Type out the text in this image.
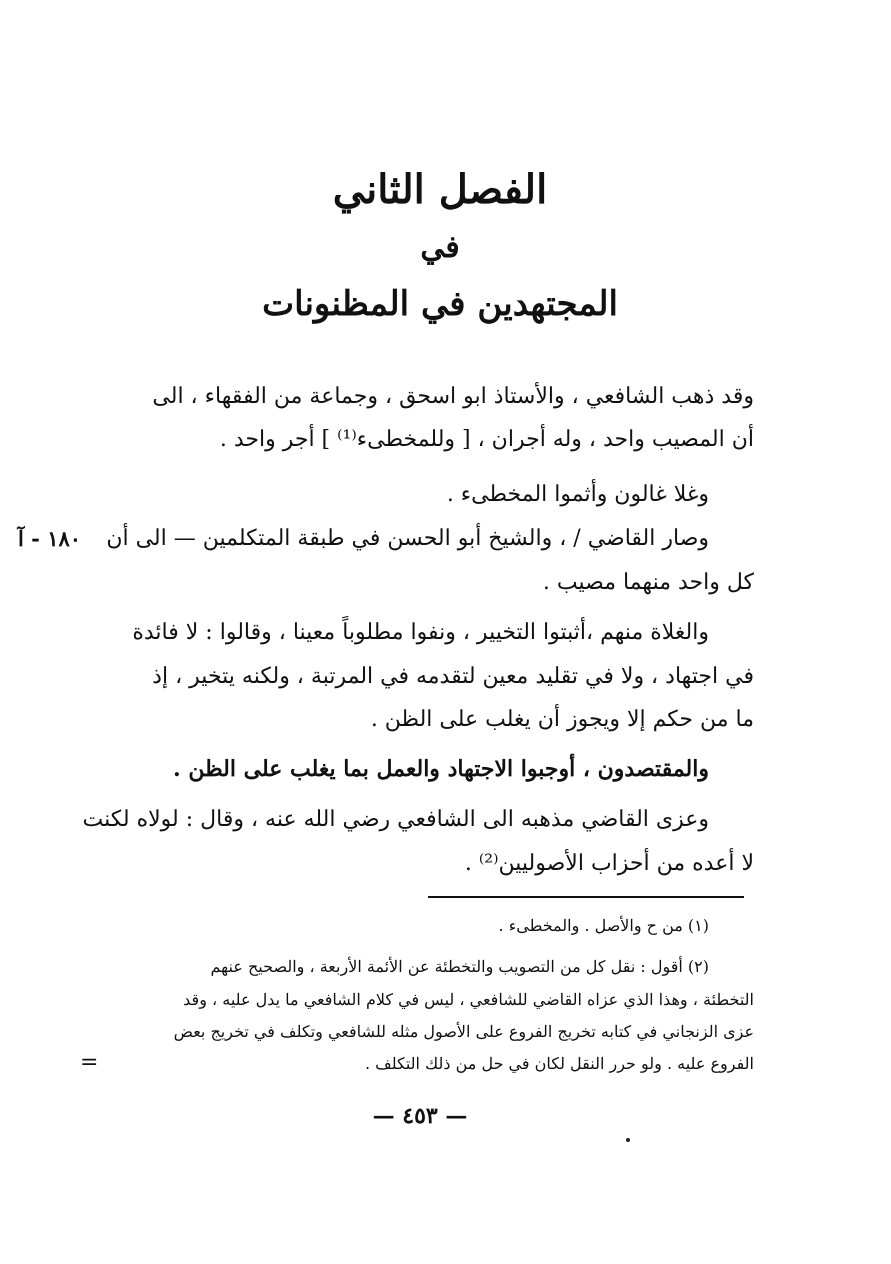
الفصل الثاني
في
المجتهدين في المظنونات
وقد ذهب الشافعي ، والأستاذ ابو اسحق ، وجماعة من الفقهاء ، الى
أن المصيب واحد ، وله أجران ، [ وللمخطىء⁽¹⁾ ] أجر واحد .
وغلا غالون وأثموا المخطىء .
وصار القاضي / ، والشيخ أبو الحسن في طبقة المتكلمين — الى أن
كل واحد منهما مصيب .
والغلاة منهم ،أثبتوا التخيير ، ونفوا مطلوباً معينا ، وقالوا : لا فائدة
في اجتهاد ، ولا في تقليد معين لتقدمه في المرتبة ، ولكنه يتخير ، إذ
ما من حكم إلا ويجوز أن يغلب على الظن .
والمقتصدون ، أوجبوا الاجتهاد والعمل بما يغلب على الظن .
وعزى القاضي مذهبه الى الشافعي رضي الله عنه ، وقال : لولاه لكنت
لا أعده من أحزاب الأصوليين⁽²⁾ .
١٨٠ - آ
(١) من ح والأصل . والمخطىء .
(٢) أقول : نقل كل من التصويب والتخطئة عن الأئمة الأربعة ، والصحيح عنهم
التخطئة ، وهذا الذي عزاه القاضي للشافعي ، ليس في كلام الشافعي ما يدل عليه ، وقد
عزى الزنجاني في كتابه تخريج الفروع على الأصول مثله للشافعي وتكلف في تخريج بعض
الفروع عليه . ولو حرر النقل لكان في حل من ذلك التكلف .
=
— ٤٥٣ —
